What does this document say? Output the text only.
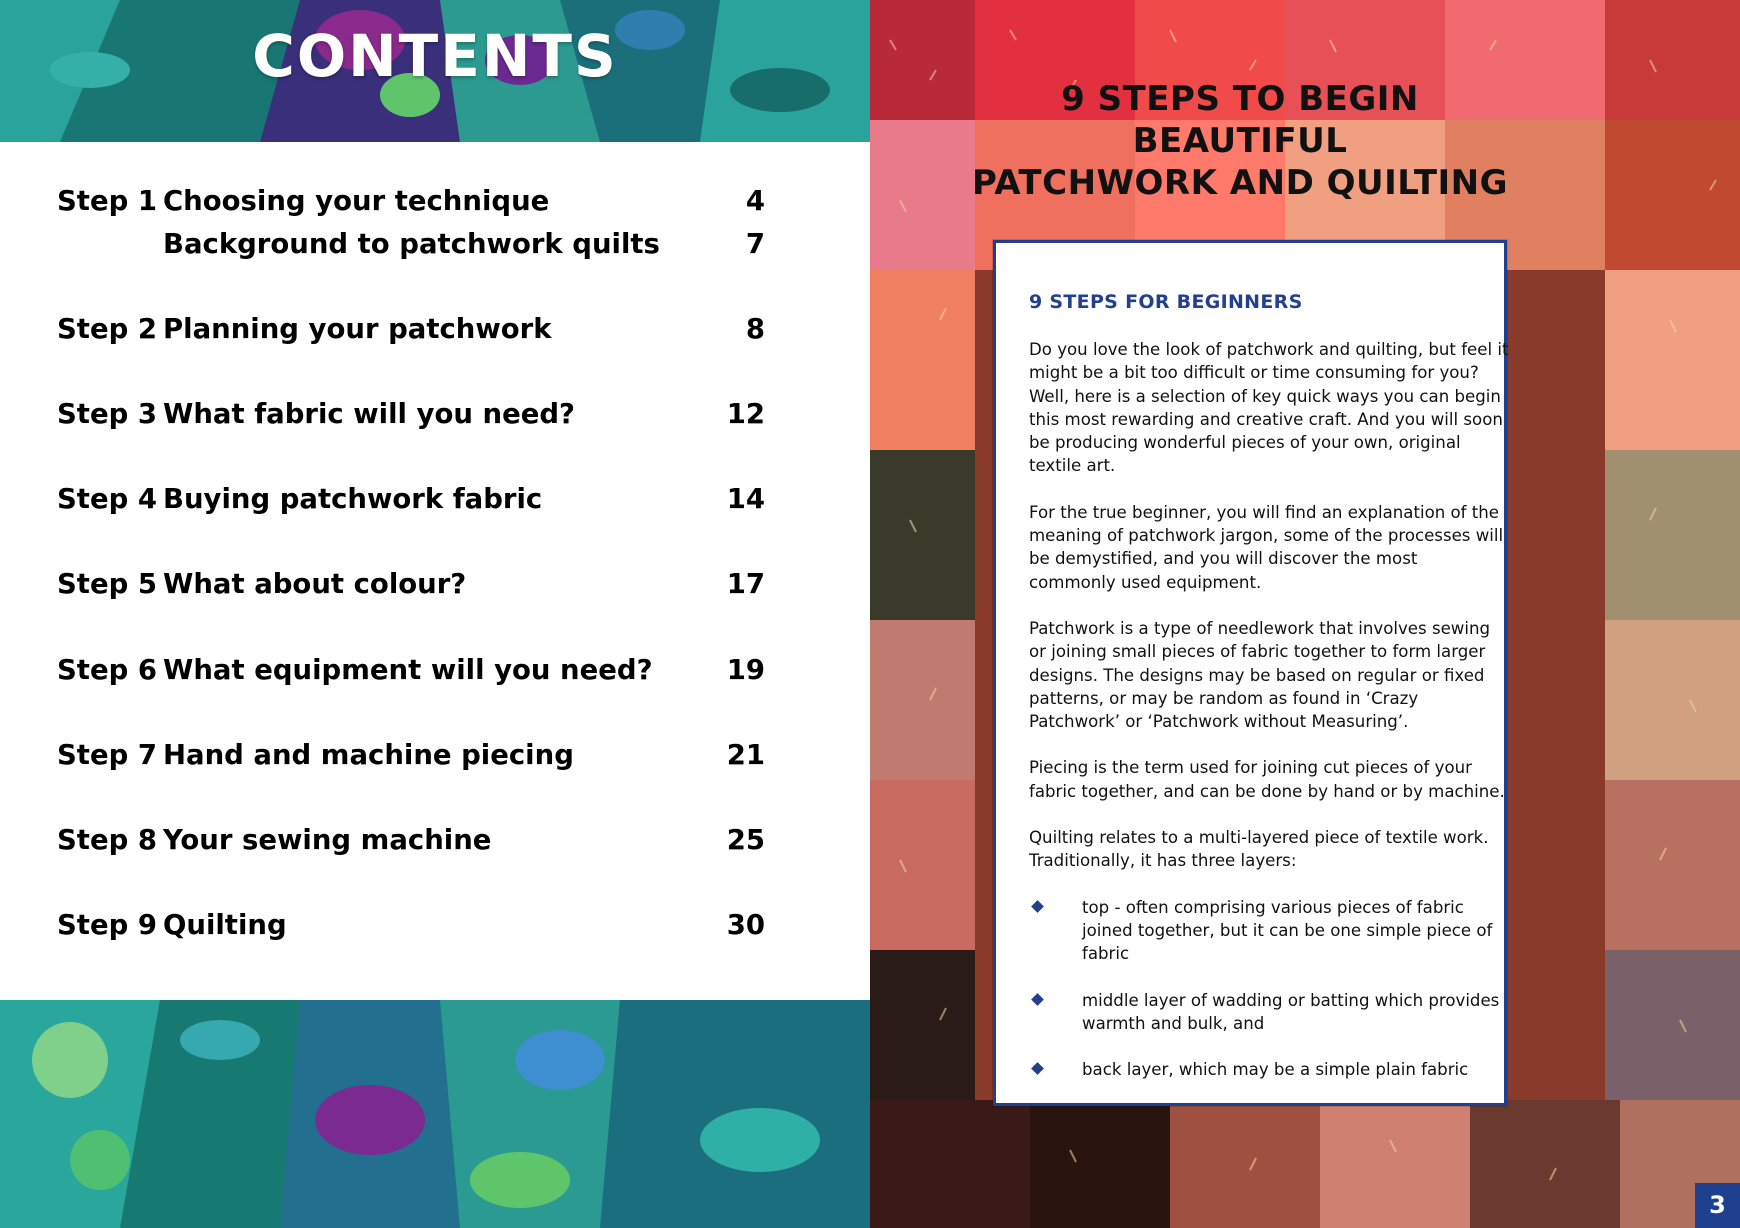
CONTENTS
Step 1 Choosing your technique	4
Background to patchwork quilts	7
Step 2 Planning your patchwork	8
Step 3 What fabric will you need?	12
Step 4 Buying patchwork fabric	14
Step 5 What about colour?	17
Step 6 What equipment will you need?	19
Step 7 Hand and machine piecing	21
Step 8 Your sewing machine	25
Step 9 Quilting	30
9 STEPS TO BEGIN BEAUTIFUL
PATCHWORK AND QUILTING
9 STEPS FOR BEGINNERS

Do you love the look of patchwork and quilting, but feel it might be a bit too difficult or time consuming for you? Well, here is a selection of key quick ways you can begin this most rewarding and creative craft. And you will soon be producing wonderful pieces of your own, original textile art.

For the true beginner, you will find an explanation of the meaning of patchwork jargon, some of the processes will be demystified, and you will discover the most commonly used equipment.

Patchwork is a type of needlework that involves sewing or joining small pieces of fabric together to form larger designs. The designs may be based on regular or fixed patterns, or may be random as found in ‘Crazy Patchwork’ or ‘Patchwork without Measuring’.

Piecing is the term used for joining cut pieces of your fabric together, and can be done by hand or by machine.

Quilting relates to a multi-layered piece of textile work. Traditionally, it has three layers:

top - often comprising various pieces of fabric joined together, but it can be one simple piece of fabric
middle layer of wadding or batting which provides warmth and bulk, and
back layer, which may be a simple plain fabric
3
